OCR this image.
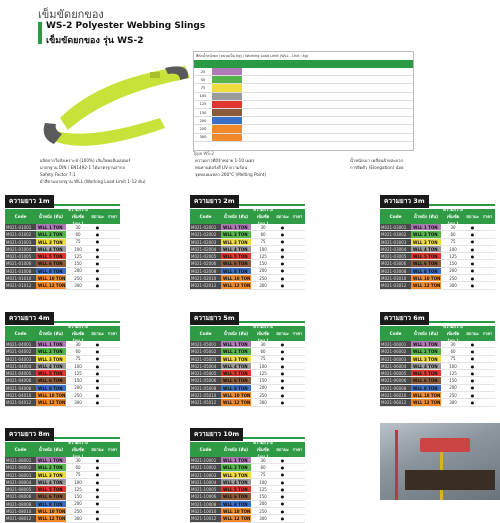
เข็มขัดยกของ
WS-2 Polyester Webbing Slings
เข็มขัดยกของ รุ่น WS-2
พิกัดน้ำหนักยก (หน่วยเป็น kg) / Working Load Limit (WLL - Unit : kg)
25
50
75
100
125
150
200
250
300
Type WS-2
ผลิตจากใยสังเคราะห์ (100%) เส้นใยพอลีเอสเตอร์
มาตรฐาน DIN / EN1492-1 ได้มาตรฐานสากล
Safety Factor 7:1
ผ้าสีตามมาตรฐาน WLL (Working Load Limit 1-12 ตัน)
ความยาวที่มีจำหน่าย 1-10 เมตร
ทนทานต่อรังสี UV ความร้อน
จุดหลอมเหลว 260°C (Melting Point)
น้ำหนักเบา เคลื่อนย้ายสะดวก
การยืดตัว (Elongation) น้อย
ความยาว 1m
Code	น้ำหนัก (ตัน)
ความกว้าง เข็มขัด (มม.)
สถานะ ราคา
M021-01001	WLL 1 TON	30	●
M021-01002	WLL 2 TON	60	●
M021-01003	WLL 3 TON	75	●
M021-01004	WLL 4 TON	100	●
M021-01005	WLL 5 TON	125	●
M021-01006	WLL 6 TON	150	●
M021-01008	WLL 8 TON	200	●
M021-01010	WLL 10 TON	250	●
M021-01012	WLL 12 TON	300	●
ความยาว 2m
Code	น้ำหนัก (ตัน)
ความกว้าง เข็มขัด (มม.)
สถานะ ราคา
M021-02001	WLL 1 TON	30	●
M021-02002	WLL 2 TON	60	●
M021-02003	WLL 3 TON	75	●
M021-02004	WLL 4 TON	100	●
M021-02005	WLL 5 TON	125	●
M021-02006	WLL 6 TON	150	●
M021-02008	WLL 8 TON	200	●
M021-02010	WLL 10 TON	250	●
M021-02012	WLL 12 TON	300	●
ความยาว 3m
Code	น้ำหนัก (ตัน)
ความกว้าง เข็มขัด (มม.)
สถานะ ราคา
M021-03001	WLL 1 TON	30	●
M021-03002	WLL 2 TON	60	●
M021-03003	WLL 3 TON	75	●
M021-03004	WLL 4 TON	100	●
M021-03005	WLL 5 TON	125	●
M021-03006	WLL 6 TON	150	●
M021-03008	WLL 8 TON	200	●
M021-03010	WLL 10 TON	250	●
M021-03012	WLL 12 TON	300	●
ความยาว 4m
Code	น้ำหนัก (ตัน)
ความกว้าง เข็มขัด (มม.)
สถานะ ราคา
M021-04001	WLL 1 TON	30	●
M021-04002	WLL 2 TON	60	●
M021-04003	WLL 3 TON	75	●
M021-04004	WLL 4 TON	100	●
M021-04005	WLL 5 TON	125	●
M021-04006	WLL 6 TON	150	●
M021-04008	WLL 8 TON	200	●
M021-04010	WLL 10 TON	250	●
M021-04012	WLL 12 TON	300	●
ความยาว 5m
Code	น้ำหนัก (ตัน)
ความกว้าง เข็มขัด (มม.)
สถานะ ราคา
M021-05001	WLL 1 TON	30	●
M021-05002	WLL 2 TON	60	●
M021-05003	WLL 3 TON	75	●
M021-05004	WLL 4 TON	100	●
M021-05005	WLL 5 TON	125	●
M021-05006	WLL 6 TON	150	●
M021-05008	WLL 8 TON	200	●
M021-05010	WLL 10 TON	250	●
M021-05012	WLL 12 TON	300	●
ความยาว 6m
Code	น้ำหนัก (ตัน)
ความกว้าง เข็มขัด (มม.)
สถานะ ราคา
M021-06001	WLL 1 TON	30	●
M021-06002	WLL 2 TON	60	●
M021-06003	WLL 3 TON	75	●
M021-06004	WLL 4 TON	100	●
M021-06005	WLL 5 TON	125	●
M021-06006	WLL 6 TON	150	●
M021-06008	WLL 8 TON	200	●
M021-06010	WLL 10 TON	250	●
M021-06012	WLL 12 TON	300	●
ความยาว 8m
Code	น้ำหนัก (ตัน)
ความกว้าง เข็มขัด (มม.)
สถานะ ราคา
M021-08001	WLL 1 TON	30	●
M021-08002	WLL 2 TON	60	●
M021-08003	WLL 3 TON	75	●
M021-08004	WLL 4 TON	100	●
M021-08005	WLL 5 TON	125	●
M021-08006	WLL 6 TON	150	●
M021-08008	WLL 8 TON	200	●
M021-08010	WLL 10 TON	250	●
M021-08012	WLL 12 TON	300	●
ความยาว 10m
Code	น้ำหนัก (ตัน)
ความกว้าง เข็มขัด (มม.)
สถานะ ราคา
M021-10001	WLL 1 TON	30	●
M021-10002	WLL 2 TON	60	●
M021-10003	WLL 3 TON	75	●
M021-10004	WLL 4 TON	100	●
M021-10005	WLL 5 TON	125	●
M021-10006	WLL 6 TON	150	●
M021-10008	WLL 8 TON	200	●
M021-10010	WLL 10 TON	250	●
M021-10012	WLL 12 TON	300	●
